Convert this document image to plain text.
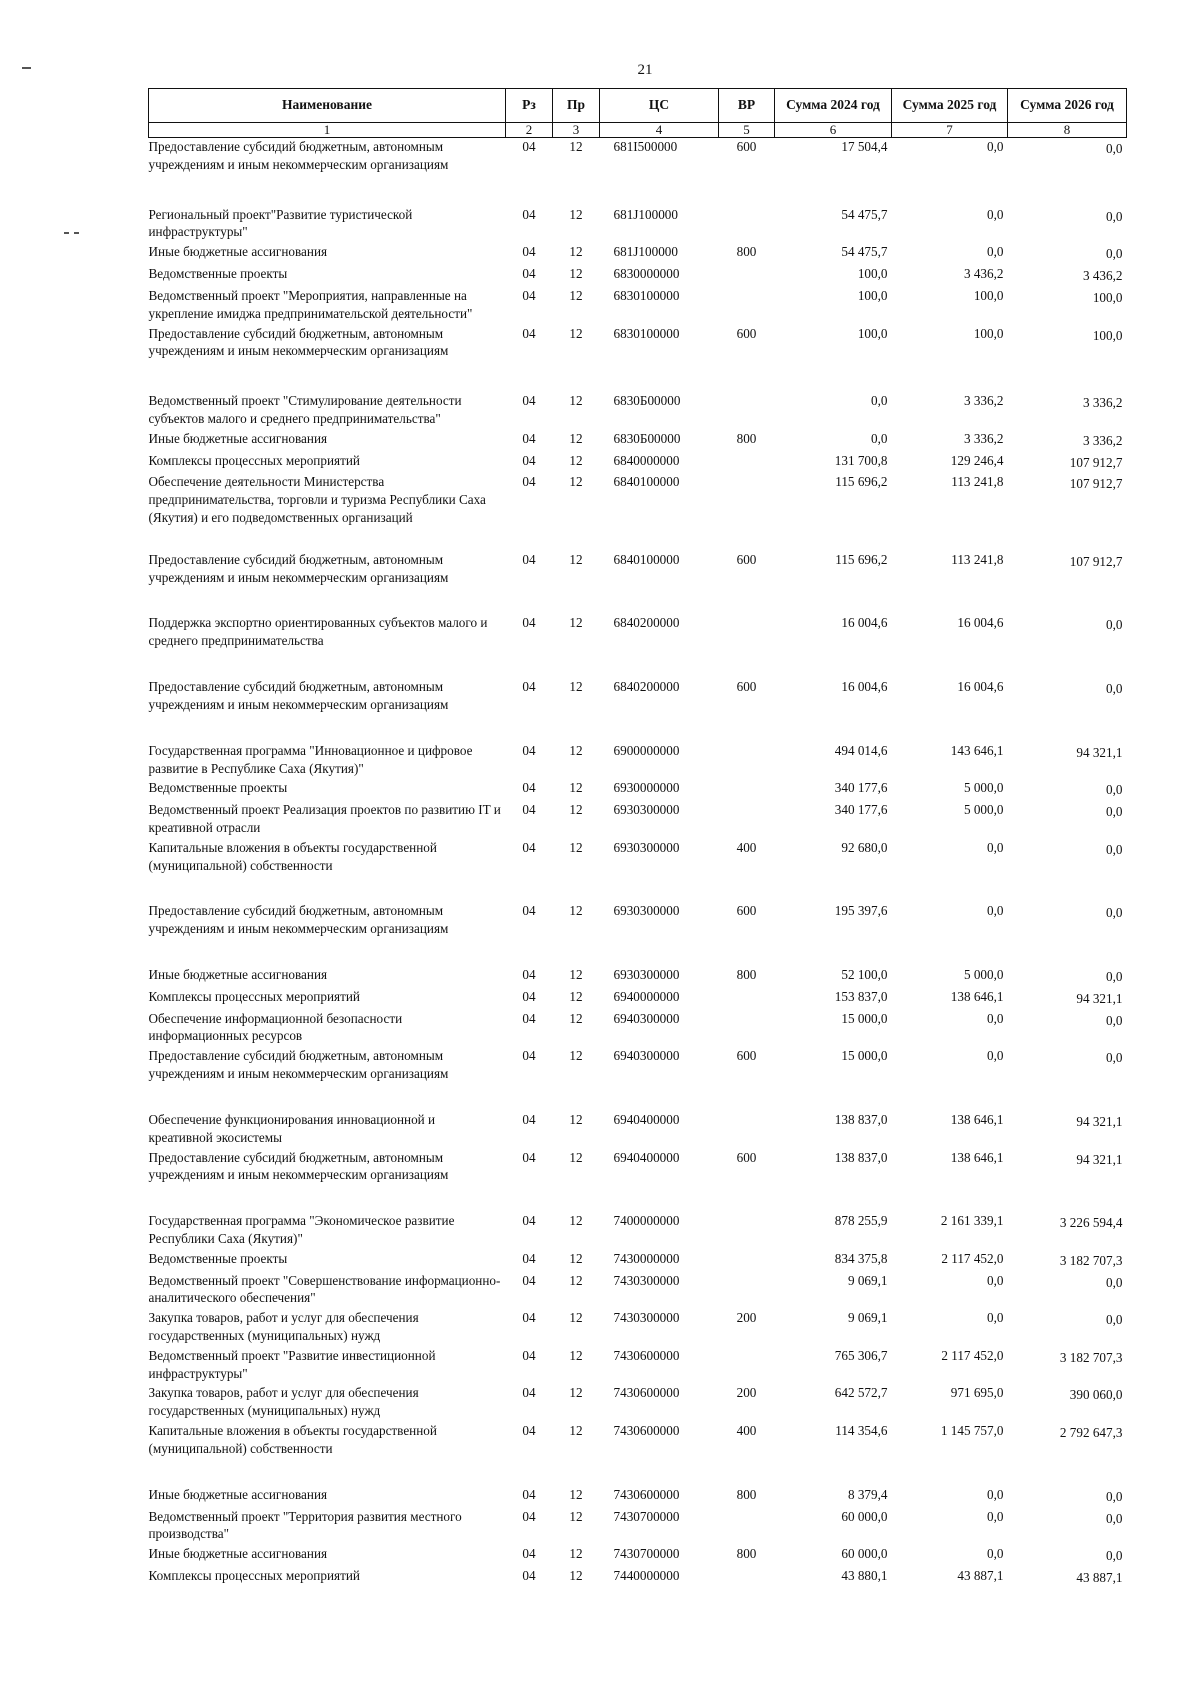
21
Наименование	Рз	Пр	ЦС	ВР	Сумма 2024 год	Сумма 2025 год	Сумма 2026 год
1	2	3	4	5	6	7	8
Предоставление субсидий бюджетным, автономным учреждениям и иным некоммерческим организациям	04	12	681I500000	600	17 504,4	0,0	0,0
Региональный проект"Развитие туристической инфраструктуры"	04	12	681J100000		54 475,7	0,0	0,0
Иные бюджетные ассигнования	04	12	681J100000	800	54 475,7	0,0	0,0
Ведомственные проекты	04	12	6830000000		100,0	3 436,2	3 436,2
Ведомственный проект "Мероприятия, направленные на укрепление имиджа предпринимательской деятельности"	04	12	6830100000		100,0	100,0	100,0
Предоставление субсидий бюджетным, автономным учреждениям и иным некоммерческим организациям	04	12	6830100000	600	100,0	100,0	100,0
Ведомственный проект "Стимулирование деятельности субъектов малого и среднего предпринимательства"	04	12	6830Б00000		0,0	3 336,2	3 336,2
Иные бюджетные ассигнования	04	12	6830Б00000	800	0,0	3 336,2	3 336,2
Комплексы процессных мероприятий	04	12	6840000000		131 700,8	129 246,4	107 912,7
Обеспечение деятельности Министерства предпринимательства, торговли и туризма Республики Саха (Якутия) и его подведомственных организаций	04	12	6840100000		115 696,2	113 241,8	107 912,7
Предоставление субсидий бюджетным, автономным учреждениям и иным некоммерческим организациям	04	12	6840100000	600	115 696,2	113 241,8	107 912,7
Поддержка экспортно ориентированных субъектов малого и среднего предпринимательства	04	12	6840200000		16 004,6	16 004,6	0,0
Предоставление субсидий бюджетным, автономным учреждениям и иным некоммерческим организациям	04	12	6840200000	600	16 004,6	16 004,6	0,0
Государственная программа "Инновационное и цифровое развитие в Республике Саха (Якутия)"	04	12	6900000000		494 014,6	143 646,1	94 321,1
Ведомственные проекты	04	12	6930000000		340 177,6	5 000,0	0,0
Ведомственный проект Реализация проектов по развитию IT и креативной отрасли	04	12	6930300000		340 177,6	5 000,0	0,0
Капитальные вложения в объекты государственной (муниципальной) собственности	04	12	6930300000	400	92 680,0	0,0	0,0
Предоставление субсидий бюджетным, автономным учреждениям и иным некоммерческим организациям	04	12	6930300000	600	195 397,6	0,0	0,0
Иные бюджетные ассигнования	04	12	6930300000	800	52 100,0	5 000,0	0,0
Комплексы процессных мероприятий	04	12	6940000000		153 837,0	138 646,1	94 321,1
Обеспечение информационной безопасности информационных ресурсов	04	12	6940300000		15 000,0	0,0	0,0
Предоставление субсидий бюджетным, автономным учреждениям и иным некоммерческим организациям	04	12	6940300000	600	15 000,0	0,0	0,0
Обеспечение функционирования инновационной и креативной экосистемы	04	12	6940400000		138 837,0	138 646,1	94 321,1
Предоставление субсидий бюджетным, автономным учреждениям и иным некоммерческим организациям	04	12	6940400000	600	138 837,0	138 646,1	94 321,1
Государственная программа "Экономическое развитие Республики Саха (Якутия)"	04	12	7400000000		878 255,9	2 161 339,1	3 226 594,4
Ведомственные проекты	04	12	7430000000		834 375,8	2 117 452,0	3 182 707,3
Ведомственный проект "Совершенствование информационно-аналитического обеспечения"	04	12	7430300000		9 069,1	0,0	0,0
Закупка товаров, работ и услуг для обеспечения государственных (муниципальных) нужд	04	12	7430300000	200	9 069,1	0,0	0,0
Ведомственный проект "Развитие инвестиционной инфраструктуры"	04	12	7430600000		765 306,7	2 117 452,0	3 182 707,3
Закупка товаров, работ и услуг для обеспечения государственных (муниципальных) нужд	04	12	7430600000	200	642 572,7	971 695,0	390 060,0
Капитальные вложения в объекты государственной (муниципальной) собственности	04	12	7430600000	400	114 354,6	1 145 757,0	2 792 647,3
Иные бюджетные ассигнования	04	12	7430600000	800	8 379,4	0,0	0,0
Ведомственный проект "Территория развития местного производства"	04	12	7430700000		60 000,0	0,0	0,0
Иные бюджетные ассигнования	04	12	7430700000	800	60 000,0	0,0	0,0
Комплексы процессных мероприятий	04	12	7440000000		43 880,1	43 887,1	43 887,1
